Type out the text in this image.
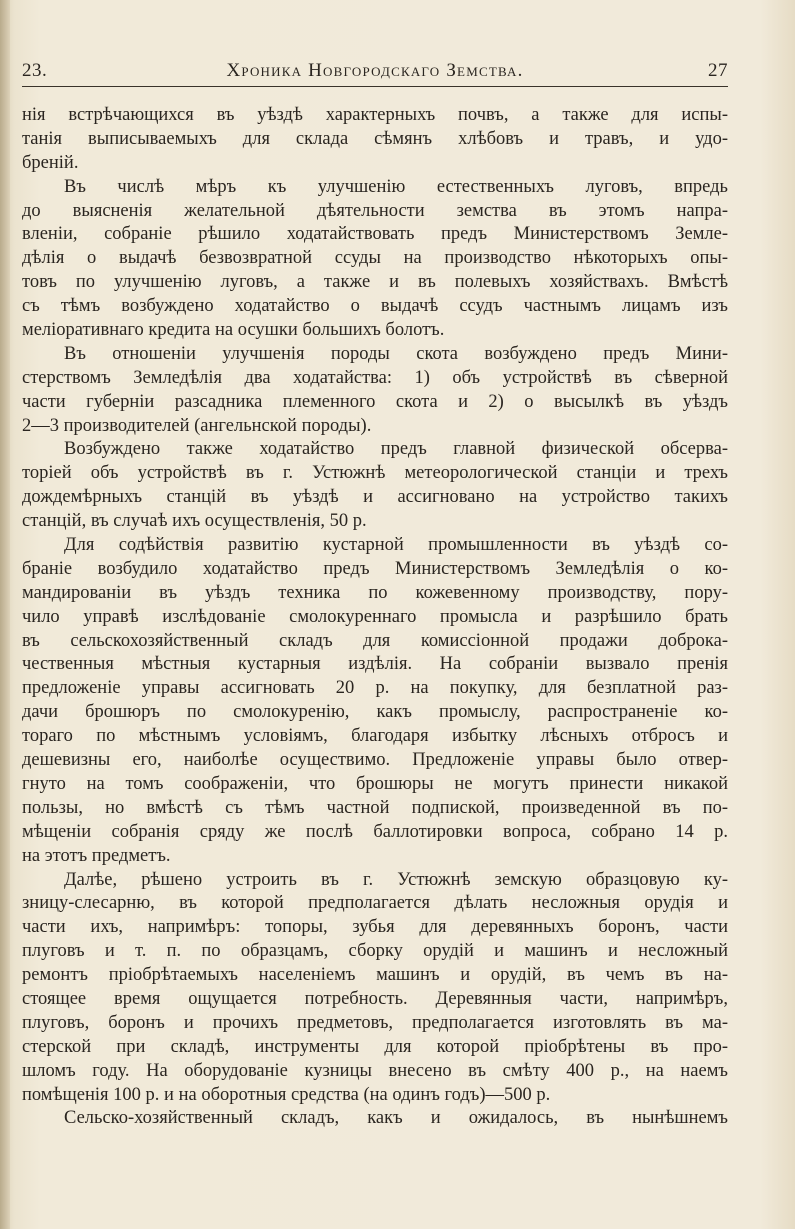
23.	Хроника Новгородскаго Земства.	27
нія встрѣчающихся въ уѣздѣ характерныхъ почвъ, а также для испы-
танія выписываемыхъ для склада сѣмянъ хлѣбовъ и травъ, и удо-
бреній.
Въ числѣ мѣръ къ улучшенію естественныхъ луговъ, впредь
до выясненія желательной дѣятельности земства въ этомъ напра-
вленіи, собраніе рѣшило ходатайствовать предъ Министерствомъ Земле-
дѣлія о выдачѣ безвозвратной ссуды на производство нѣкоторыхъ опы-
товъ по улучшенію луговъ, а также и въ полевыхъ хозяйствахъ. Вмѣстѣ
съ тѣмъ возбуждено ходатайство о выдачѣ ссудъ частнымъ лицамъ изъ
меліоративнаго кредита на осушки большихъ болотъ.
Въ отношеніи улучшенія породы скота возбуждено предъ Мини-
стерствомъ Земледѣлія два ходатайства: 1) объ устройствѣ въ сѣверной
части губерніи разсадника племенного скота и 2) о высылкѣ въ уѣздъ
2—3 производителей (ангельнской породы).
Возбуждено также ходатайство предъ главной физической обсерва-
торіей объ устройствѣ въ г. Устюжнѣ метеорологической станціи и трехъ
дождемѣрныхъ станцій въ уѣздѣ и ассигновано на устройство такихъ
станцій, въ случаѣ ихъ осуществленія, 50 р.
Для содѣйствія развитію кустарной промышленности въ уѣздѣ со-
браніе возбудило ходатайство предъ Министерствомъ Земледѣлія о ко-
мандированіи въ уѣздъ техника по кожевенному производству, пору-
чило управѣ изслѣдованіе смолокуреннаго промысла и разрѣшило брать
въ сельскохозяйственный складъ для комиссіонной продажи доброка-
чественныя мѣстныя кустарныя издѣлія. На собраніи вызвало пренія
предложеніе управы ассигновать 20 р. на покупку, для безплатной раз-
дачи брошюръ по смолокуренію, какъ промыслу, распространеніе ко-
тораго по мѣстнымъ условіямъ, благодаря избытку лѣсныхъ отбросъ и
дешевизны его, наиболѣе осуществимо. Предложеніе управы было отвер-
гнуто на томъ соображеніи, что брошюры не могутъ принести никакой
пользы, но вмѣстѣ съ тѣмъ частной подпиской, произведенной въ по-
мѣщеніи собранія сряду же послѣ баллотировки вопроса, собрано 14 р.
на этотъ предметъ.
Далѣе, рѣшено устроить въ г. Устюжнѣ земскую образцовую ку-
зницу-слесарню, въ которой предполагается дѣлать несложныя орудія и
части ихъ, напримѣръ: топоры, зубья для деревянныхъ боронъ, части
плуговъ и т. п. по образцамъ, сборку орудій и машинъ и несложный
ремонтъ пріобрѣтаемыхъ населеніемъ машинъ и орудій, въ чемъ въ на-
стоящее время ощущается потребность. Деревянныя части, напримѣръ,
плуговъ, боронъ и прочихъ предметовъ, предполагается изготовлять въ ма-
стерской при складѣ, инструменты для которой пріобрѣтены въ про-
шломъ году. На оборудованіе кузницы внесено въ смѣту 400 р., на наемъ
помѣщенія 100 р. и на оборотныя средства (на одинъ годъ)—500 р.
Сельско-хозяйственный складъ, какъ и ожидалось, въ нынѣшнемъ
